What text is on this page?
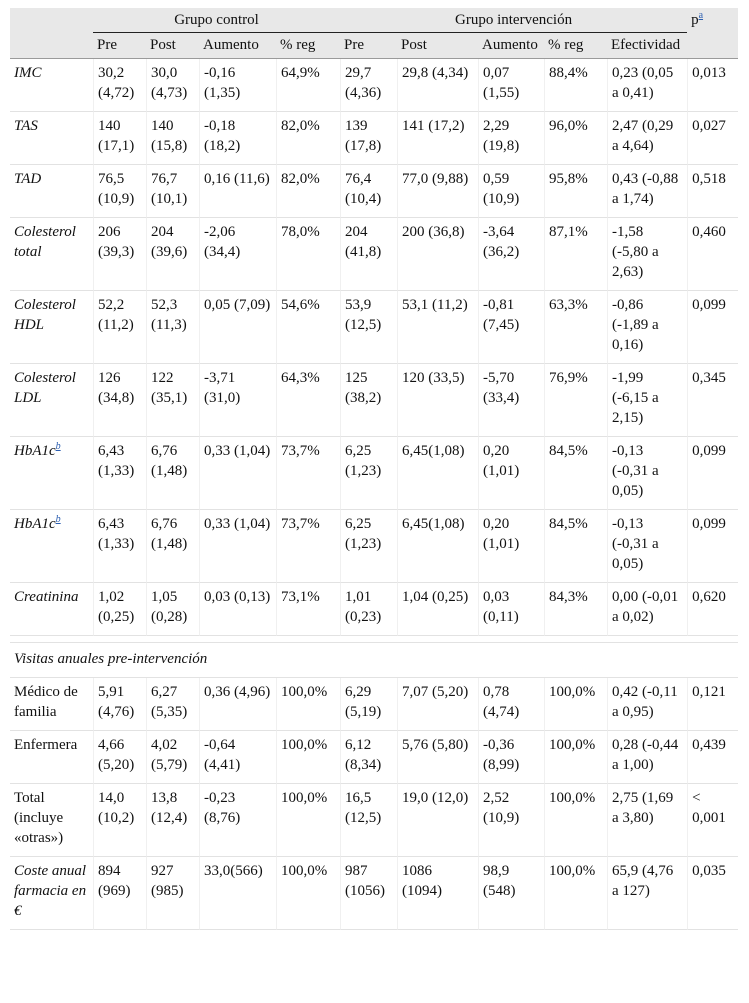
	Grupo control				Grupo intervención					p$^a$
	Pre	Post	Aumento	% reg	Pre	Post	Aumento	% reg	Efectividad	
IMC	30,2 (4,72)	30,0 (4,73)	-0,16 (1,35)	64,9%	29,7 (4,36)	29,8 (4,34)	0,07 (1,55)	88,4%	0,23 (0,05 a 0,41)	0,013
TAS	140 (17,1)	140 (15,8)	-0,18 (18,2)	82,0%	139 (17,8)	141 (17,2)	2,29 (19,8)	96,0%	2,47 (0,29 a 4,64)	0,027
TAD	76,5 (10,9)	76,7 (10,1)	0,16 (11,6)	82,0%	76,4 (10,4)	77,0 (9,88)	0,59 (10,9)	95,8%	0,43 (-0,88 a 1,74)	0,518
Colesterol total	206 (39,3)	204 (39,6)	-2,06 (34,4)	78,0%	204 (41,8)	200 (36,8)	-3,64 (36,2)	87,1%	-1,58 (-5,80 a 2,63)	0,460
Colesterol HDL	52,2 (11,2)	52,3 (11,3)	0,05 (7,09)	54,6%	53,9 (12,5)	53,1 (11,2)	-0,81 (7,45)	63,3%	-0,86 (-1,89 a 0,16)	0,099
Colesterol LDL	126 (34,8)	122 (35,1)	-3,71 (31,0)	64,3%	125 (38,2)	120 (33,5)	-5,70 (33,4)	76,9%	-1,99 (-6,15 a 2,15)	0,345
HbA1c$^b$	6,43 (1,33)	6,76 (1,48)	0,33 (1,04)	73,7%	6,25 (1,23)	6,45(1,08)	0,20 (1,01)	84,5%	-0,13 (-0,31 a 0,05)	0,099
HbA1c$^b$	6,43 (1,33)	6,76 (1,48)	0,33 (1,04)	73,7%	6,25 (1,23)	6,45(1,08)	0,20 (1,01)	84,5%	-0,13 (-0,31 a 0,05)	0,099
Creatinina	1,02 (0,25)	1,05 (0,28)	0,03 (0,13)	73,1%	1,01 (0,23)	1,04 (0,25)	0,03 (0,11)	84,3%	0,00 (-0,01 a 0,02)	0,620

Visitas anuales pre-intervención										
Médico de familia	5,91 (4,76)	6,27 (5,35)	0,36 (4,96)	100,0%	6,29 (5,19)	7,07 (5,20)	0,78 (4,74)	100,0%	0,42 (-0,11 a 0,95)	0,121
Enfermera	4,66 (5,20)	4,02 (5,79)	-0,64 (4,41)	100,0%	6,12 (8,34)	5,76 (5,80)	-0,36 (8,99)	100,0%	0,28 (-0,44 a 1,00)	0,439
Total (incluye «otras»)	14,0 (10,2)	13,8 (12,4)	-0,23 (8,76)	100,0%	16,5 (12,5)	19,0 (12,0)	2,52 (10,9)	100,0%	2,75 (1,69 a 3,80)	< 0,001
Coste anual farmacia en €	894 (969)	927 (985)	33,0(566)	100,0%	987 (1056)	1086 (1094)	98,9 (548)	100,0%	65,9 (4,76 a 127)	0,035
